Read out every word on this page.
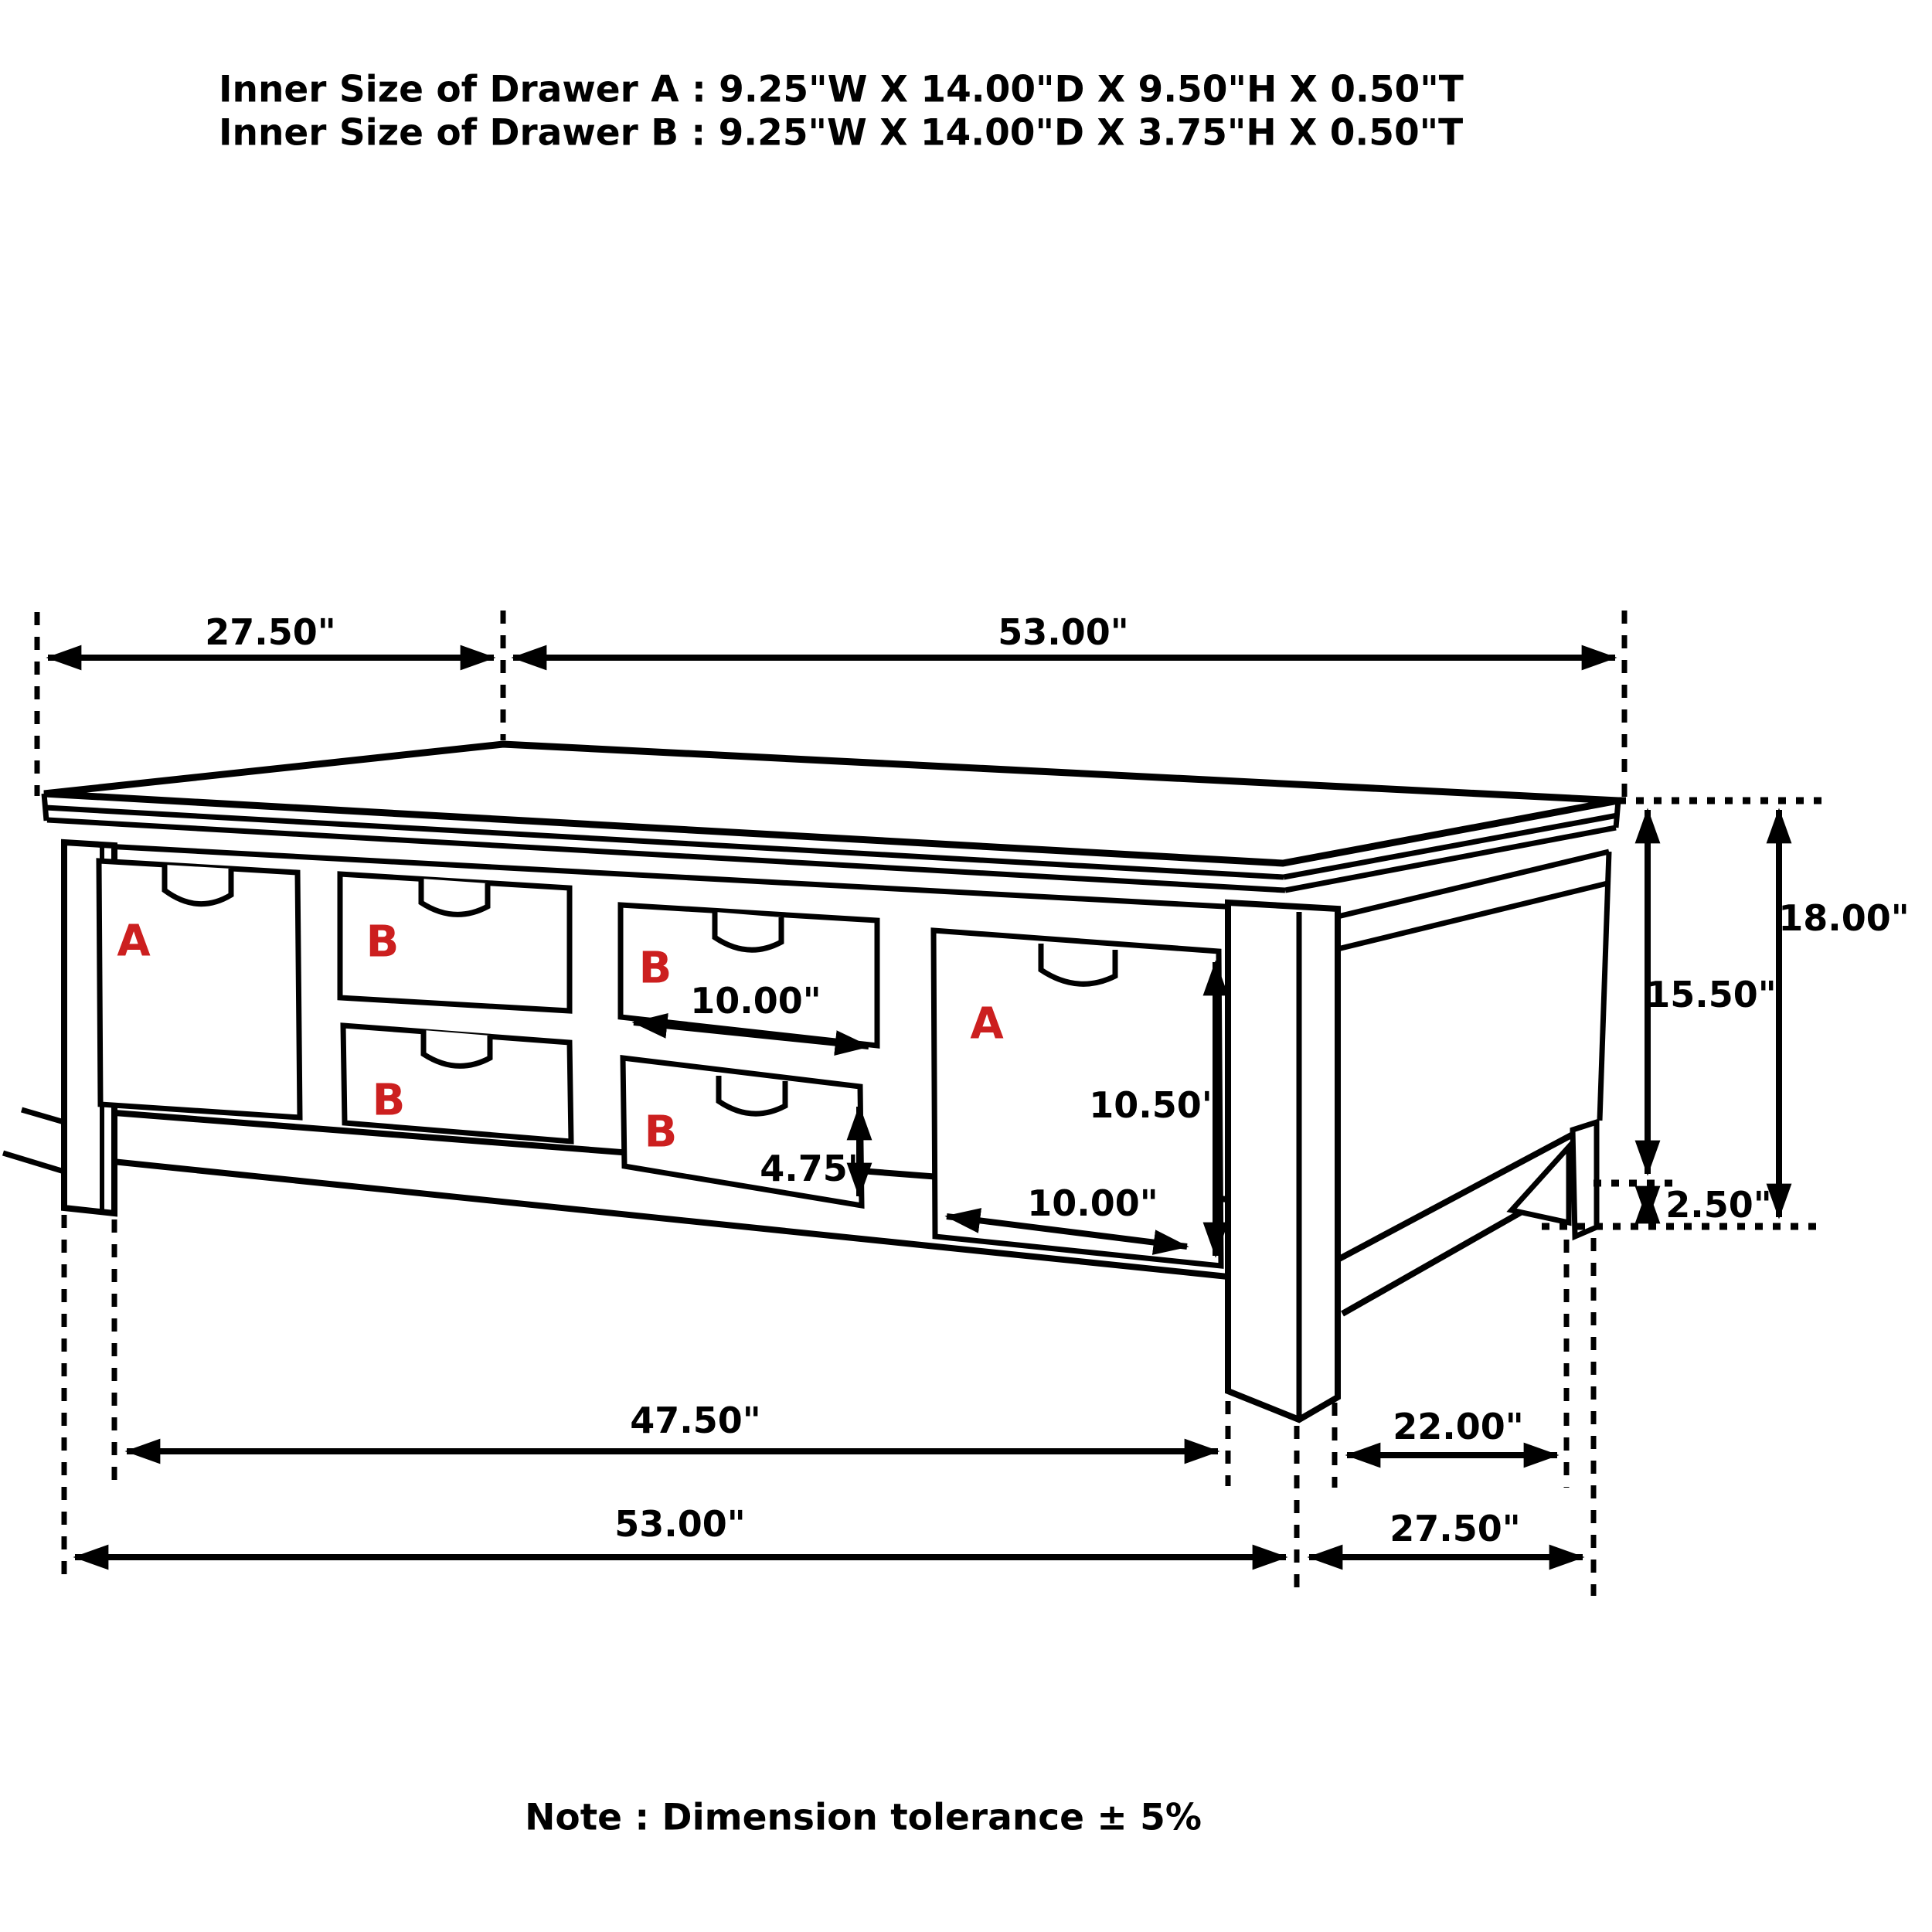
Inner Size of Drawer A : 9.25"W X 14.00"D X 9.50"H X 0.50"T
Inner Size of Drawer B : 9.25"W X 14.00"D X 3.75"H X 0.50"T
27.50"	53.00"
18.00"
15.50"
2.50"
10.00"
10.50"
4.75"
10.00"
47.50"	22.00"
53.00"	27.50"
A	B
B
B
B
A
Note : Dimension tolerance ± 5%
